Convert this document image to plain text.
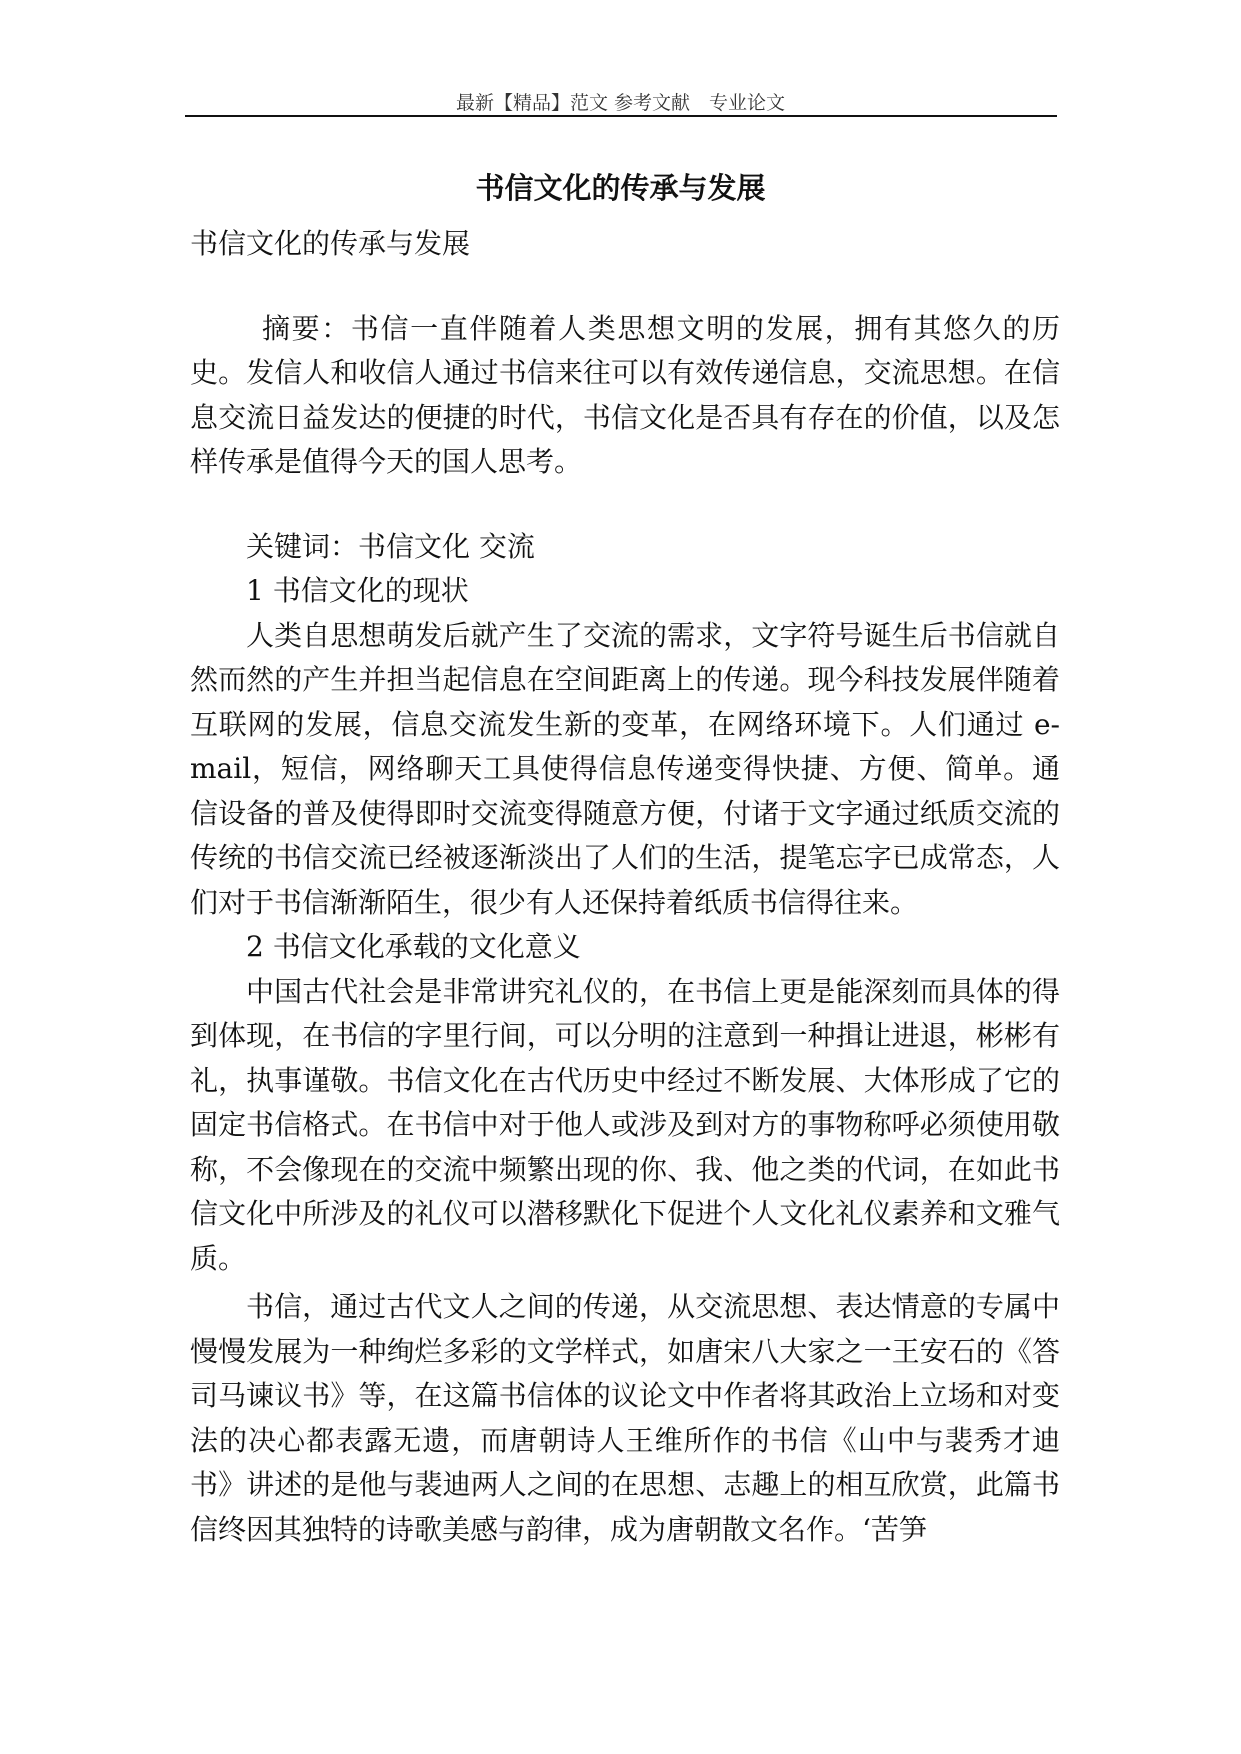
最新【精品】范文 参考文献　专业论文
书信文化的传承与发展

书信文化的传承与发展

摘要：书信一直伴随着人类思想文明的发展，拥有其悠久的历史。发信人和收信人通过书信来往可以有效传递信息，交流思想。在信息交流日益发达的便捷的时代，书信文化是否具有存在的价值，以及怎样传承是值得今天的国人思考。

关键词：书信文化 交流

1 书信文化的现状

人类自思想萌发后就产生了交流的需求，文字符号诞生后书信就自然而然的产生并担当起信息在空间距离上的传递。现今科技发展伴随着互联网的发展，信息交流发生新的变革，在网络环境下。人们通过 e-mail，短信，网络聊天工具使得信息传递变得快捷、方便、简单。通信设备的普及使得即时交流变得随意方便，付诸于文字通过纸质交流的传统的书信交流已经被逐渐淡出了人们的生活，提笔忘字已成常态，人们对于书信渐渐陌生，很少有人还保持着纸质书信得往来。

2 书信文化承载的文化意义

中国古代社会是非常讲究礼仪的，在书信上更是能深刻而具体的得到体现，在书信的字里行间，可以分明的注意到一种揖让进退，彬彬有礼，执事谨敬。书信文化在古代历史中经过不断发展、大体形成了它的固定书信格式。在书信中对于他人或涉及到对方的事物称呼必须使用敬称，不会像现在的交流中频繁出现的你、我、他之类的代词，在如此书信文化中所涉及的礼仪可以潜移默化下促进个人文化礼仪素养和文雅气质。

书信，通过古代文人之间的传递，从交流思想、表达情意的专属中慢慢发展为一种绚烂多彩的文学样式，如唐宋八大家之一王安石的《答司马谏议书》等，在这篇书信体的议论文中作者将其政治上立场和对变法的决心都表露无遗，而唐朝诗人王维所作的书信《山中与裴秀才迪书》讲述的是他与裴迪两人之间的在思想、志趣上的相互欣赏，此篇书信终因其独特的诗歌美感与韵律，成为唐朝散文名作。‘苦笋
